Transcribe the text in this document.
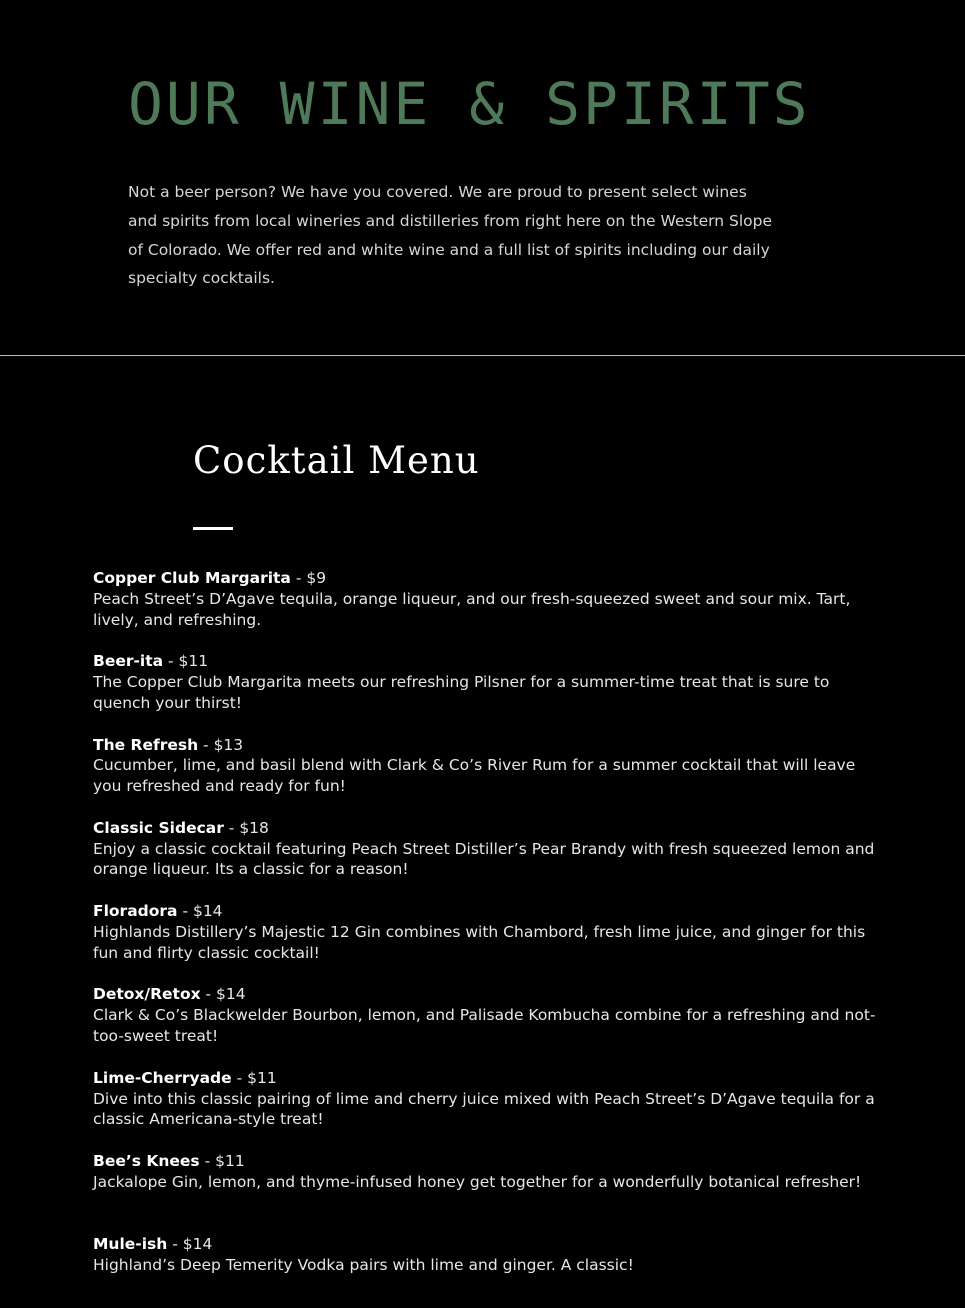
OUR WINE & SPIRITS

Not a beer person? We have you covered. We are proud to present select wines and spirits from local wineries and distilleries from right here on the Western Slope of Colorado. We offer red and white wine and a full list of spirits including our daily specialty cocktails.

Cocktail Menu
Copper Club Margarita - $9
Peach Street’s D’Agave tequila, orange liqueur, and our fresh-squeezed sweet and sour mix. Tart, lively, and refreshing.
Beer-ita - $11
The Copper Club Margarita meets our refreshing Pilsner for a summer-time treat that is sure to quench your thirst!
The Refresh - $13
Cucumber, lime, and basil blend with Clark & Co’s River Rum for a summer cocktail that will leave you refreshed and ready for fun!
Classic Sidecar - $18
Enjoy a classic cocktail featuring Peach Street Distiller’s Pear Brandy with fresh squeezed lemon and orange liqueur. Its a classic for a reason!
Floradora - $14
Highlands Distillery’s Majestic 12 Gin combines with Chambord, fresh lime juice, and ginger for this fun and flirty classic cocktail!
Detox/Retox - $14
Clark & Co’s Blackwelder Bourbon, lemon, and Palisade Kombucha combine for a refreshing and not-too-sweet treat!
Lime-Cherryade - $11
Dive into this classic pairing of lime and cherry juice mixed with Peach Street’s D’Agave tequila for a classic Americana-style treat!
Bee’s Knees - $11
Jackalope Gin, lemon, and thyme-infused honey get together for a wonderfully botanical refresher!
Mule-ish - $14
Highland’s Deep Temerity Vodka pairs with lime and ginger. A classic!
